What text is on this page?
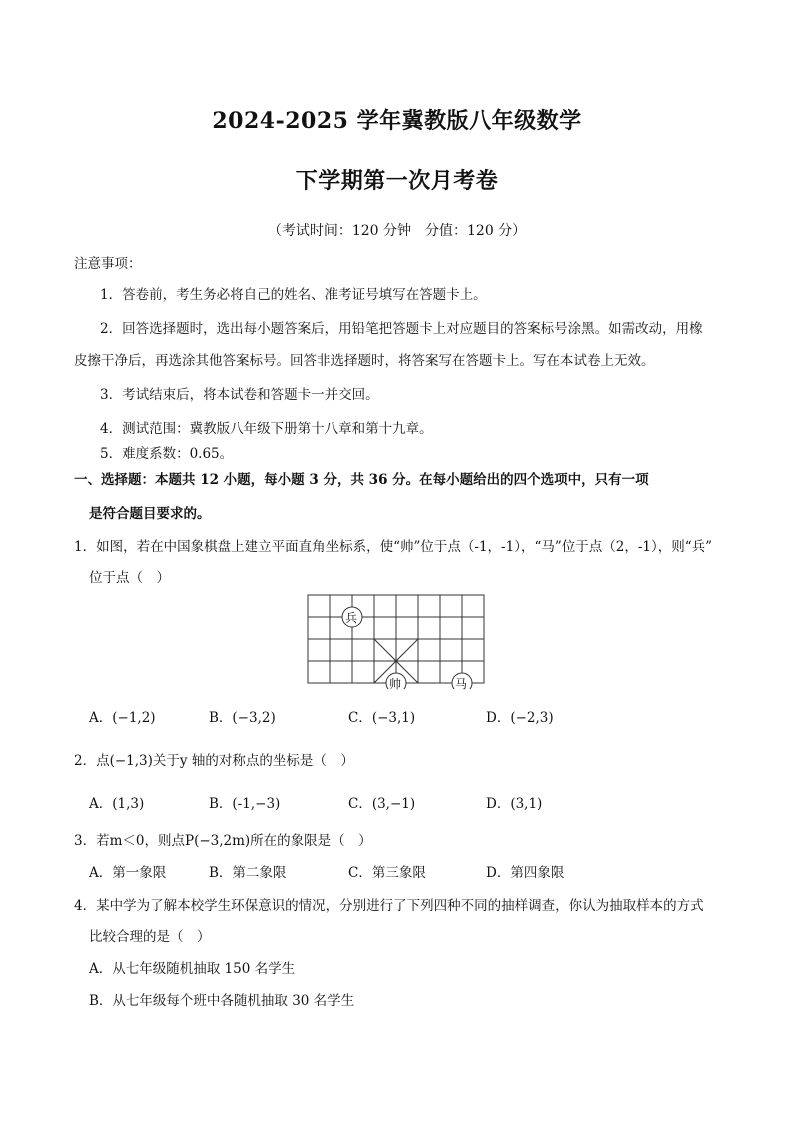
2024-2025 学年冀教版八年级数学
下学期第一次月考卷
（考试时间：120 分钟　分值：120 分）
注意事项：
1．答卷前，考生务必将自己的姓名、准考证号填写在答题卡上。
2．回答选择题时，选出每小题答案后，用铅笔把答题卡上对应题目的答案标号涂黑。如需改动，用橡
皮擦干净后，再选涂其他答案标号。回答非选择题时，将答案写在答题卡上。写在本试卷上无效。
3．考试结束后，将本试卷和答题卡一并交回。
4．测试范围：冀教版八年级下册第十八章和第十九章。
5．难度系数：0.65。
一、选择题：本题共 12 小题，每小题 3 分，共 36 分。在每小题给出的四个选项中，只有一项
是符合题目要求的。
1．如图，若在中国象棋盘上建立平面直角坐标系，使“帅”位于点（-1，-1），“马”位于点（2，-1），则“兵”
位于点（　）
兵
帅	马
A．(−1,2)	B．(−3,2)	C．(−3,1)	D．(−2,3)
2．点(−1,3)关于y 轴的对称点的坐标是（　）
A．(1,3)	B．(-1,−3)	C．(3,−1)	D．(3,1)
3．若m＜0，则点P(−3,2m)所在的象限是（　）
A．第一象限	B．第二象限	C．第三象限	D．第四象限
4．某中学为了解本校学生环保意识的情况，分别进行了下列四种不同的抽样调查，你认为抽取样本的方式
比较合理的是（　）
A．从七年级随机抽取 150 名学生
B．从七年级每个班中各随机抽取 30 名学生
